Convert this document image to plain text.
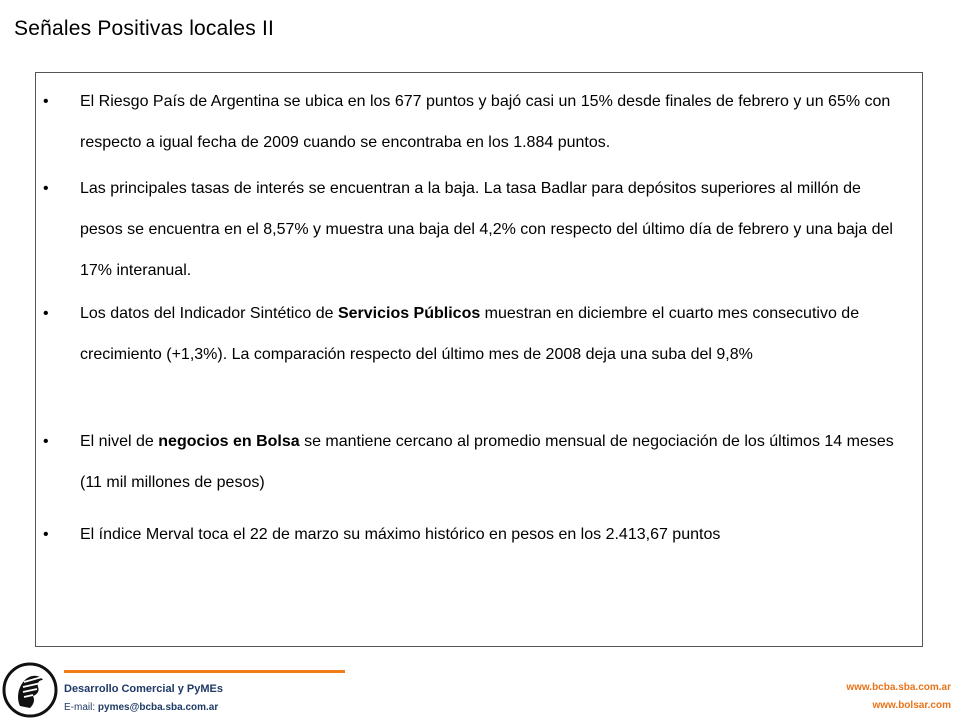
Señales Positivas locales II
• El Riesgo País de Argentina se ubica en los 677 puntos y bajó casi un 15% desde finales de febrero y un 65% con respecto a igual fecha de 2009 cuando se encontraba en los 1.884 puntos.
• Las principales tasas de interés se encuentran a la baja. La tasa Badlar para depósitos superiores al millón de pesos se encuentra en el 8,57% y muestra una baja del 4,2% con respecto del último día de febrero y una baja del 17% interanual.
• Los datos del Indicador Sintético de Servicios Públicos muestran en diciembre el cuarto mes consecutivo de crecimiento (+1,3%). La comparación respecto del último mes de 2008 deja una suba del 9,8%
• El nivel de negocios en Bolsa se mantiene cercano al promedio mensual de negociación de los últimos 14 meses (11 mil millones de pesos)
• El índice Merval toca el 22 de marzo su máximo histórico en pesos en los 2.413,67 puntos
Desarrollo Comercial y PyMEs
E-mail: pymes@bcba.sba.com.ar
www.bcba.sba.com.ar
www.bolsar.com
